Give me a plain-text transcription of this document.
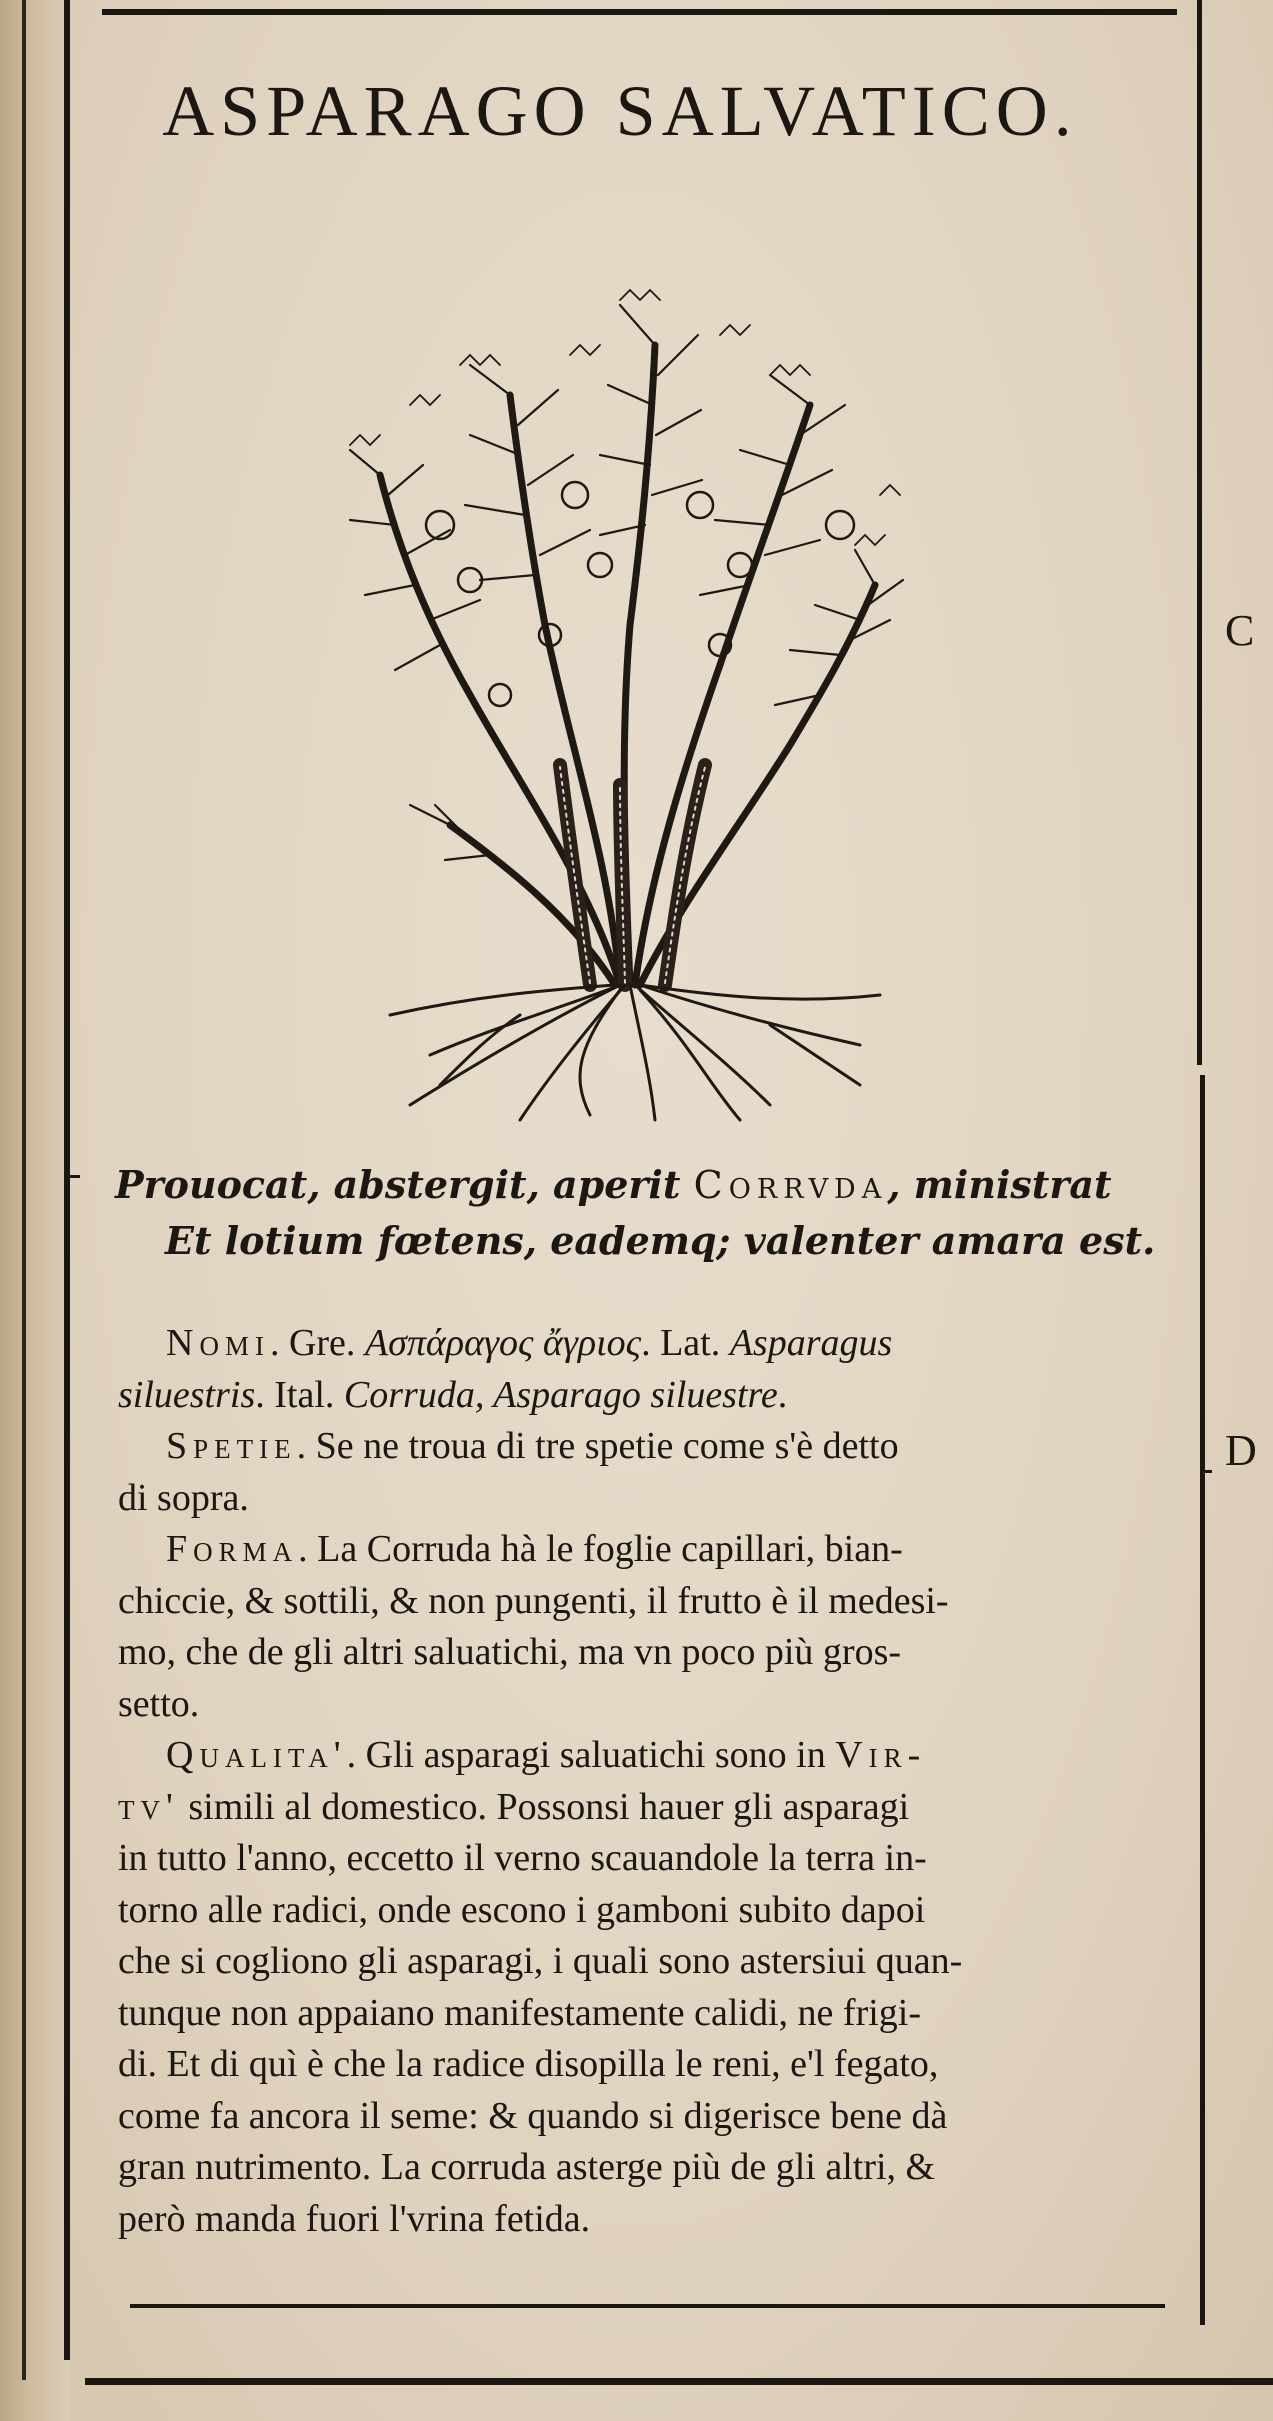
ASPARAGO SALVATICO.
C
D
Prouocat, abstergit, aperit Corrvda, ministrat
Et lotium fœtens, eademq; valenter amara est.
Nomi. Gre. Ασπάραγος ἄγριος. Lat. Asparagus
siluestris. Ital. Corruda, Asparago siluestre.
Spetie. Se ne troua di tre spetie come s'è detto
di sopra.
Forma. La Corruda hà le foglie capillari, bian-
chiccie, & sottili, & non pungenti, il frutto è il medesi-
mo, che de gli altri saluatichi, ma vn poco più gros-
setto.
Qualita'. Gli asparagi saluatichi sono in Vir-
tv' simili al domestico. Possonsi hauer gli asparagi
in tutto l'anno, eccetto il verno scauandole la terra in-
torno alle radici, onde escono i gamboni subito dapoi
che si cogliono gli asparagi, i quali sono astersiui quan-
tunque non appaiano manifestamente calidi, ne frigi-
di. Et di quì è che la radice disopilla le reni, e'l fegato,
come fa ancora il seme: & quando si digerisce bene dà
gran nutrimento. La corruda asterge più de gli altri, &
però manda fuori l'vrina fetida.
